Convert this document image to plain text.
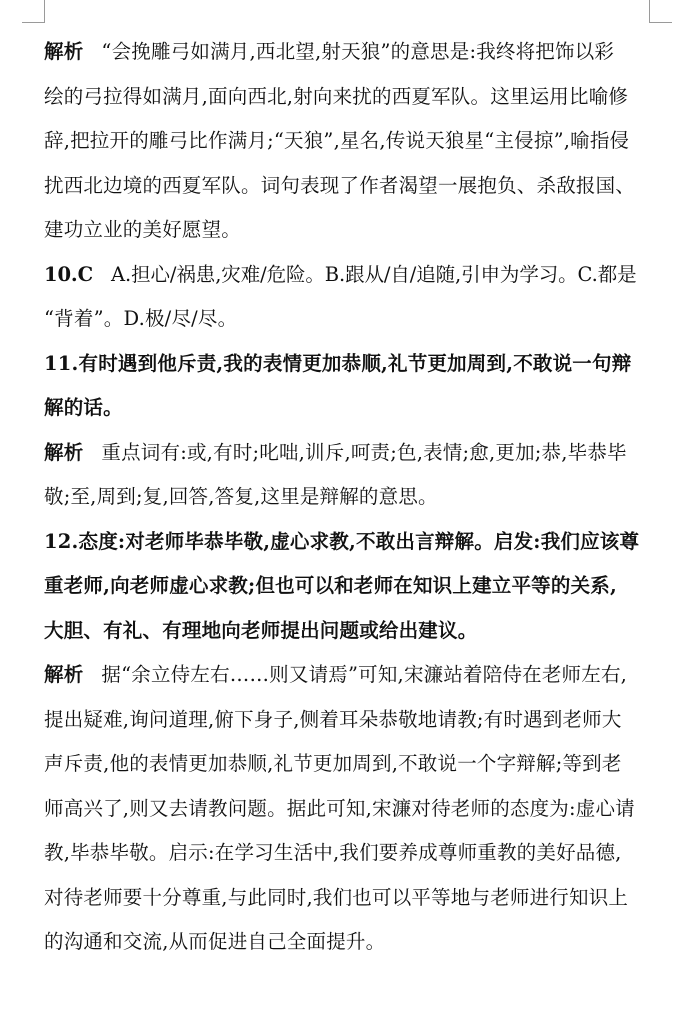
解析 “会挽雕弓如满月,西北望,射天狼”的意思是:我终将把饰以彩
绘的弓拉得如满月,面向西北,射向来扰的西夏军队。这里运用比喻修
辞,把拉开的雕弓比作满月;“天狼”,星名,传说天狼星“主侵掠”,喻指侵
扰西北边境的西夏军队。词句表现了作者渴望一展抱负、杀敌报国、
建功立业的美好愿望。

10.C A.担心/祸患,灾难/危险。B.跟从/自/追随,引申为学习。C.都是
“背着”。D.极/尽/尽。

11.有时遇到他斥责,我的表情更加恭顺,礼节更加周到,不敢说一句辩
解的话。

解析 重点词有:或,有时;叱咄,训斥,呵责;色,表情;愈,更加;恭,毕恭毕
敬;至,周到;复,回答,答复,这里是辩解的意思。

12.态度:对老师毕恭毕敬,虚心求教,不敢出言辩解。启发:我们应该尊
重老师,向老师虚心求教;但也可以和老师在知识上建立平等的关系,
大胆、有礼、有理地向老师提出问题或给出建议。

解析 据“余立侍左右……则又请焉”可知,宋濂站着陪侍在老师左右,
提出疑难,询问道理,俯下身子,侧着耳朵恭敬地请教;有时遇到老师大
声斥责,他的表情更加恭顺,礼节更加周到,不敢说一个字辩解;等到老
师高兴了,则又去请教问题。据此可知,宋濂对待老师的态度为:虚心请
教,毕恭毕敬。启示:在学习生活中,我们要养成尊师重教的美好品德,
对待老师要十分尊重,与此同时,我们也可以平等地与老师进行知识上
的沟通和交流,从而促进自己全面提升。
